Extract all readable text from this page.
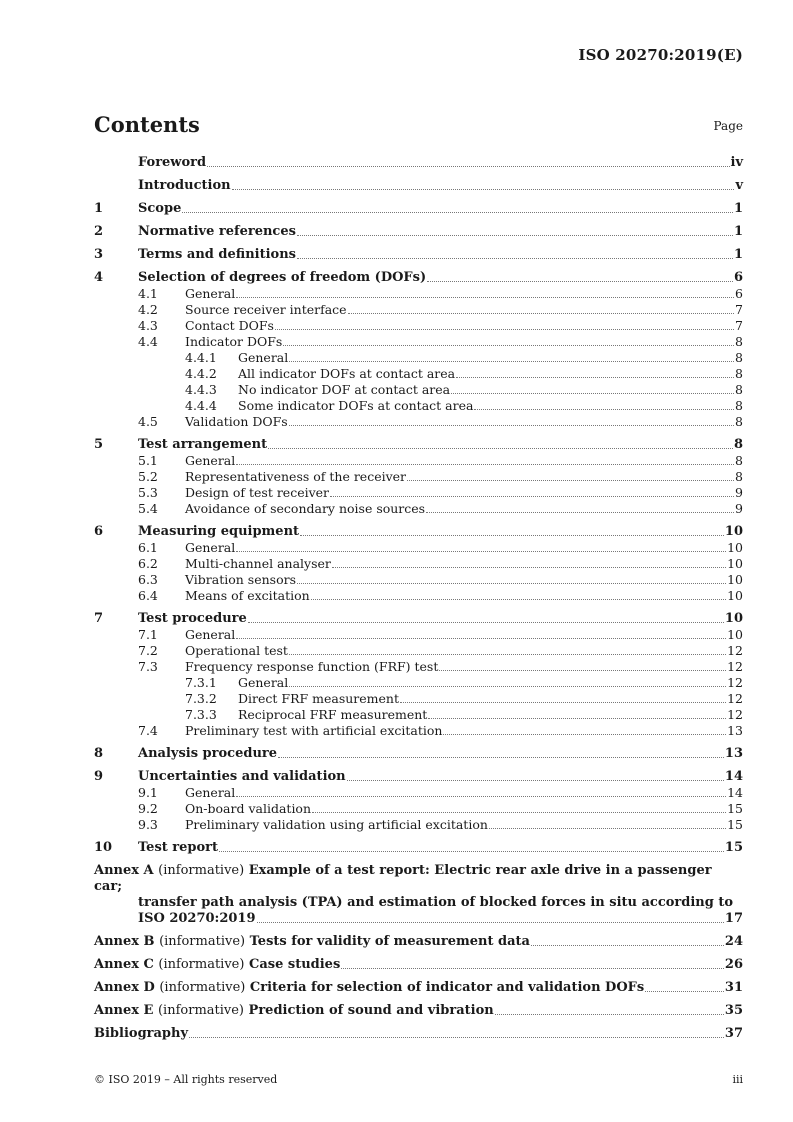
ISO 20270:2019(E)
Contents	Page
Foreword	iv
Introduction	v
1	Scope	1
2	Normative references	1
3	Terms and definitions	1
4	Selection of degrees of freedom (DOFs)	6
4.1	General	6
4.2	Source receiver interface	7
4.3	Contact DOFs	7
4.4	Indicator DOFs	8
4.4.1	General	8
4.4.2	All indicator DOFs at contact area	8
4.4.3	No indicator DOF at contact area	8
4.4.4	Some indicator DOFs at contact area	8
4.5	Validation DOFs	8
5	Test arrangement	8
5.1	General	8
5.2	Representativeness of the receiver	8
5.3	Design of test receiver	9
5.4	Avoidance of secondary noise sources	9
6	Measuring equipment	10
6.1	General	10
6.2	Multi-channel analyser	10
6.3	Vibration sensors	10
6.4	Means of excitation	10
7	Test procedure	10
7.1	General	10
7.2	Operational test	12
7.3	Frequency response function (FRF) test	12
7.3.1	General	12
7.3.2	Direct FRF measurement	12
7.3.3	Reciprocal FRF measurement	12
7.4	Preliminary test with artificial excitation	13
8	Analysis procedure	13
9	Uncertainties and validation	14
9.1	General	14
9.2	On-board validation	15
9.3	Preliminary validation using artificial excitation	15
10	Test report	15
Annex A (informative) Example of a test report: Electric rear axle drive in a passenger car;
transfer path analysis (TPA) and estimation of blocked forces in situ according to
ISO 20270:2019	17
Annex B (informative) Tests for validity of measurement data	24
Annex C (informative) Case studies	26
Annex D (informative) Criteria for selection of indicator and validation DOFs	31
Annex E (informative) Prediction of sound and vibration	35
Bibliography	37
© ISO 2019 – All rights reserved	iii
